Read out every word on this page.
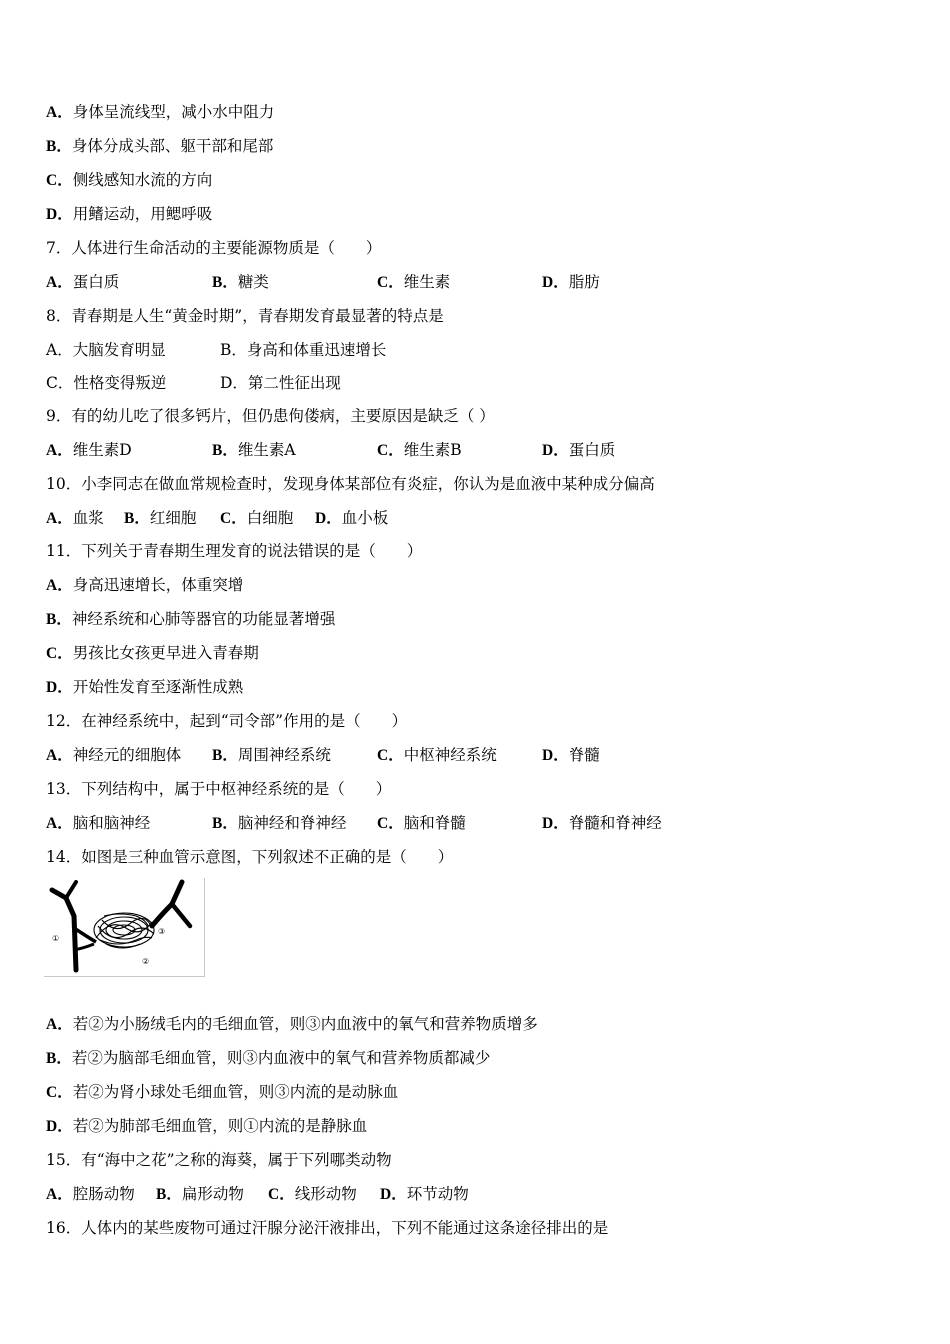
A．身体呈流线型，减小水中阻力
B．身体分成头部、躯干部和尾部
C．侧线感知水流的方向
D．用鳍运动，用鳃呼吸
7．人体进行生命活动的主要能源物质是（　　）
A．蛋白质	B．糖类	C．维生素	D．脂肪
8．青春期是人生“黄金时期”，青春期发育最显著的特点是
A．大脑发育明显	B．身高和体重迅速增长
C．性格变得叛逆	D．第二性征出现
9．有的幼儿吃了很多钙片，但仍患佝偻病，主要原因是缺乏（ ）
A．维生素D	B．维生素A	C．维生素B	D．蛋白质
10．小李同志在做血常规检查时，发现身体某部位有炎症，你认为是血液中某种成分偏高
A．血浆 B．红细胞 C．白细胞 D．血小板
11．下列关于青春期生理发育的说法错误的是（　　）
A．身高迅速增长，体重突增
B．神经系统和心肺等器官的功能显著增强
C．男孩比女孩更早进入青春期
D．开始性发育至逐渐性成熟
12．在神经系统中，起到“司令部”作用的是（　　）
A．神经元的细胞体 B．周围神经系统	C．中枢神经系统	D．脊髓
13．下列结构中，属于中枢神经系统的是（　　）
A．脑和脑神经	B．脑神经和脊神经 C．脑和脊髓	D．脊髓和脊神经
14．如图是三种血管示意图，下列叙述不正确的是（　　）
①
②
③
A．若②为小肠绒毛内的毛细血管，则③内血液中的氧气和营养物质增多
B．若②为脑部毛细血管，则③内血液中的氧气和营养物质都减少
C．若②为肾小球处毛细血管，则③内流的是动脉血
D．若②为肺部毛细血管，则①内流的是静脉血
15．有“海中之花”之称的海葵，属于下列哪类动物
A．腔肠动物 B．扁形动物 C．线形动物 D．环节动物
16．人体内的某些废物可通过汗腺分泌汗液排出，下列不能通过这条途径排出的是
